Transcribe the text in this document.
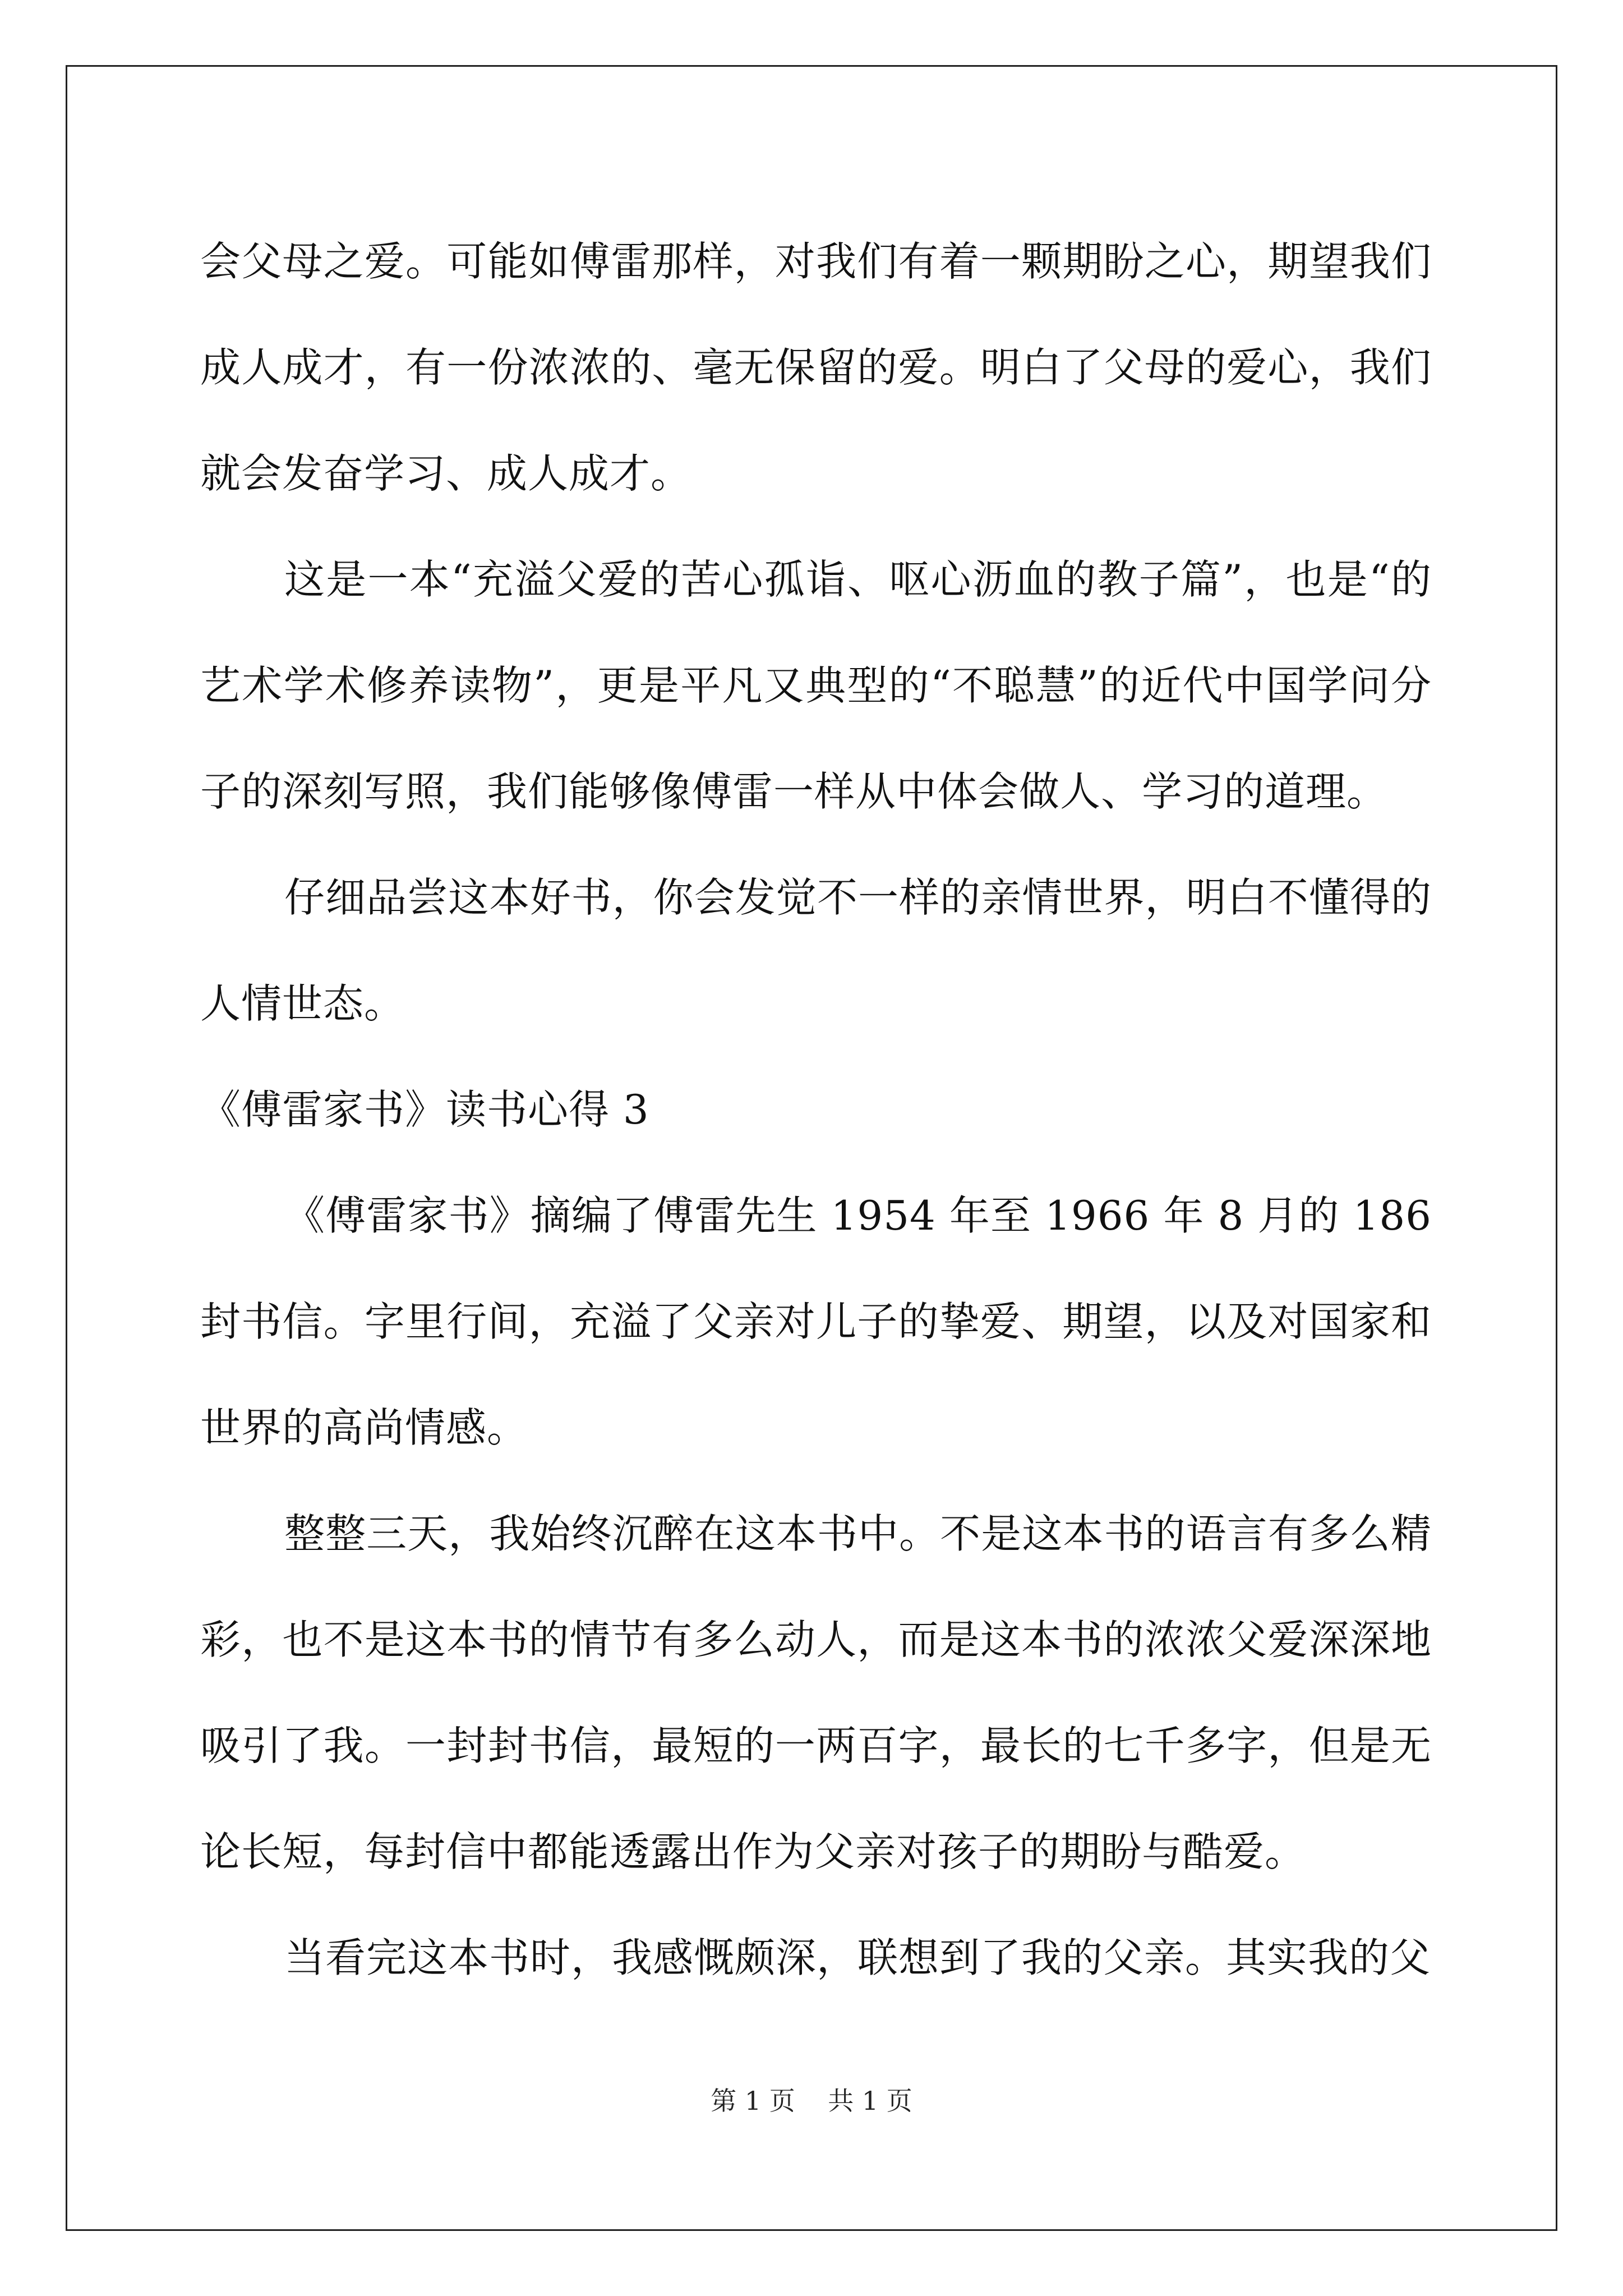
会父母之爱。可能如傅雷那样，对我们有着一颗期盼之心，期望我们成人成才，有一份浓浓的、毫无保留的爱。明白了父母的爱心，我们就会发奋学习、成人成才。

这是一本“充溢父爱的苦心孤诣、呕心沥血的教子篇”，也是“的艺术学术修养读物”，更是平凡又典型的“不聪慧”的近代中国学问分子的深刻写照，我们能够像傅雷一样从中体会做人、学习的道理。

仔细品尝这本好书，你会发觉不一样的亲情世界，明白不懂得的人情世态。

《傅雷家书》读书心得 3

《傅雷家书》摘编了傅雷先生 1954 年至 1966 年 8 月的 186 封书信。字里行间，充溢了父亲对儿子的挚爱、期望，以及对国家和世界的高尚情感。

整整三天，我始终沉醉在这本书中。不是这本书的语言有多么精彩，也不是这本书的情节有多么动人，而是这本书的浓浓父爱深深地吸引了我。一封封书信，最短的一两百字，最长的七千多字，但是无论长短，每封信中都能透露出作为父亲对孩子的期盼与酷爱。

当看完这本书时，我感慨颇深，联想到了我的父亲。其实我的父

第 1 页 共 1 页
